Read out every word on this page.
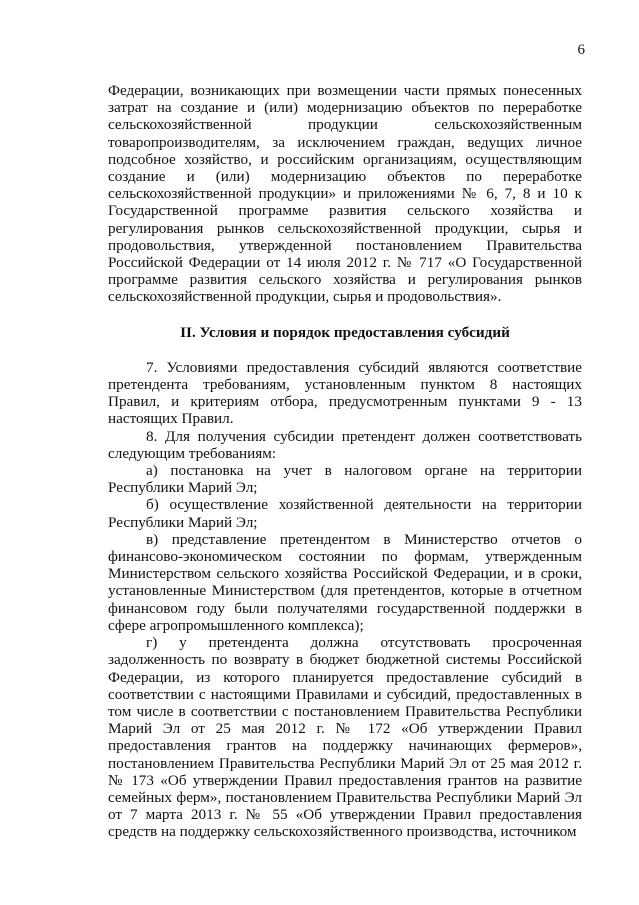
6

Федерации, возникающих при возмещении части прямых понесенных затрат на создание и (или) модернизацию объектов по переработке сельскохозяйственной продукции сельскохозяйственным товаропроизводителям, за исключением граждан, ведущих личное подсобное хозяйство, и российским организациям, осуществляющим создание и (или) модернизацию объектов по переработке сельскохозяйственной продукции» и приложениями № 6, 7, 8 и 10 к Государственной программе развития сельского хозяйства и регулирования рынков сельскохозяйственной продукции, сырья и продовольствия, утвержденной постановлением Правительства Российской Федерации от 14 июля 2012 г. № 717 «О Государственной программе развития сельского хозяйства и регулирования рынков сельскохозяйственной продукции, сырья и продовольствия».

II. Условия и порядок предоставления субсидий

7. Условиями предоставления субсидий являются соответствие претендента требованиям, установленным пунктом 8 настоящих Правил, и критериям отбора, предусмотренным пунктами 9 - 13 настоящих Правил.

8. Для получения субсидии претендент должен соответствовать следующим требованиям:

а) постановка на учет в налоговом органе на территории Республики Марий Эл;

б) осуществление хозяйственной деятельности на территории Республики Марий Эл;

в) представление претендентом в Министерство отчетов о финансово-экономическом состоянии по формам, утвержденным Министерством сельского хозяйства Российской Федерации, и в сроки, установленные Министерством (для претендентов, которые в отчетном финансовом году были получателями государственной поддержки в сфере агропромышленного комплекса);

г) у претендента должна отсутствовать просроченная задолженность по возврату в бюджет бюджетной системы Российской Федерации, из которого планируется предоставление субсидий в соответствии с настоящими Правилами и субсидий, предоставленных в том числе в соответствии с постановлением Правительства Республики Марий Эл от 25 мая 2012 г. № 172 «Об утверждении Правил предоставления грантов на поддержку начинающих фермеров», постановлением Правительства Республики Марий Эл от 25 мая 2012 г. № 173 «Об утверждении Правил предоставления грантов на развитие семейных ферм», постановлением Правительства Республики Марий Эл от 7 марта 2013 г. № 55 «Об утверждении Правил предоставления средств на поддержку сельскохозяйственного производства, источником
